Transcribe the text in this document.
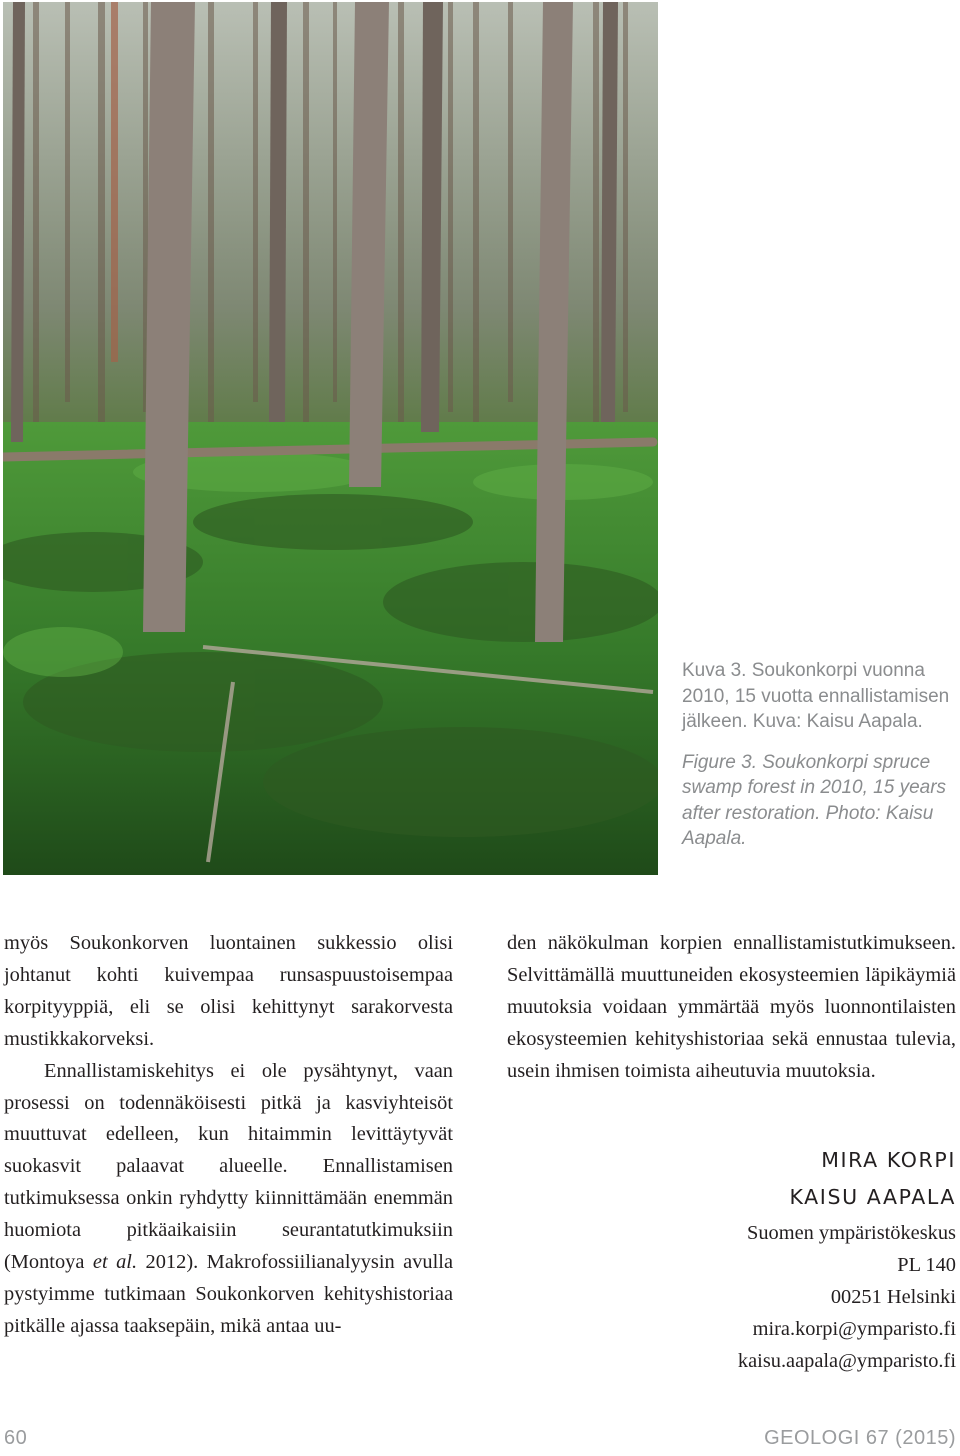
Kuva 3. Soukonkorpi vuonna 2010, 15 vuotta ennallistamisen jälkeen. Kuva: Kaisu Aapala.

Figure 3. Soukonkorpi spruce swamp forest in 2010, 15 years after restoration. Photo: Kaisu Aapala.

myös Soukonkorven luontainen sukkessio olisi johtanut kohti kuivempaa runsaspuustoisempaa korpityyppiä, eli se olisi kehittynyt sarakorvesta mustikkakorveksi.

Ennallistamiskehitys ei ole pysähtynyt, vaan prosessi on todennäköisesti pitkä ja kasviyhteisöt muuttuvat edelleen, kun hitaimmin levittäytyvät suokasvit palaavat alueelle. Ennallistamisen tutkimuksessa onkin ryhdytty kiinnittämään enemmän huomiota pitkäaikaisiin seurantatutkimuksiin (Montoya et al. 2012). Makrofossiilianalyysin avulla pystyimme tutkimaan Soukonkorven kehityshistoriaa pitkälle ajassa taaksepäin, mikä antaa uu-

den näkökulman korpien ennallistamistutkimukseen. Selvittämällä muuttuneiden ekosysteemien läpikäymiä muutoksia voidaan ymmärtää myös luonnontilaisten ekosysteemien kehityshistoriaa sekä ennustaa tulevia, usein ihmisen toimista aiheutuvia muutoksia.

MIRA KORPI
KAISU AAPALA
Suomen ympäristökeskus
PL 140
00251 Helsinki
mira.korpi@ymparisto.fi
kaisu.aapala@ymparisto.fi
60	GEOLOGI 67 (2015)
